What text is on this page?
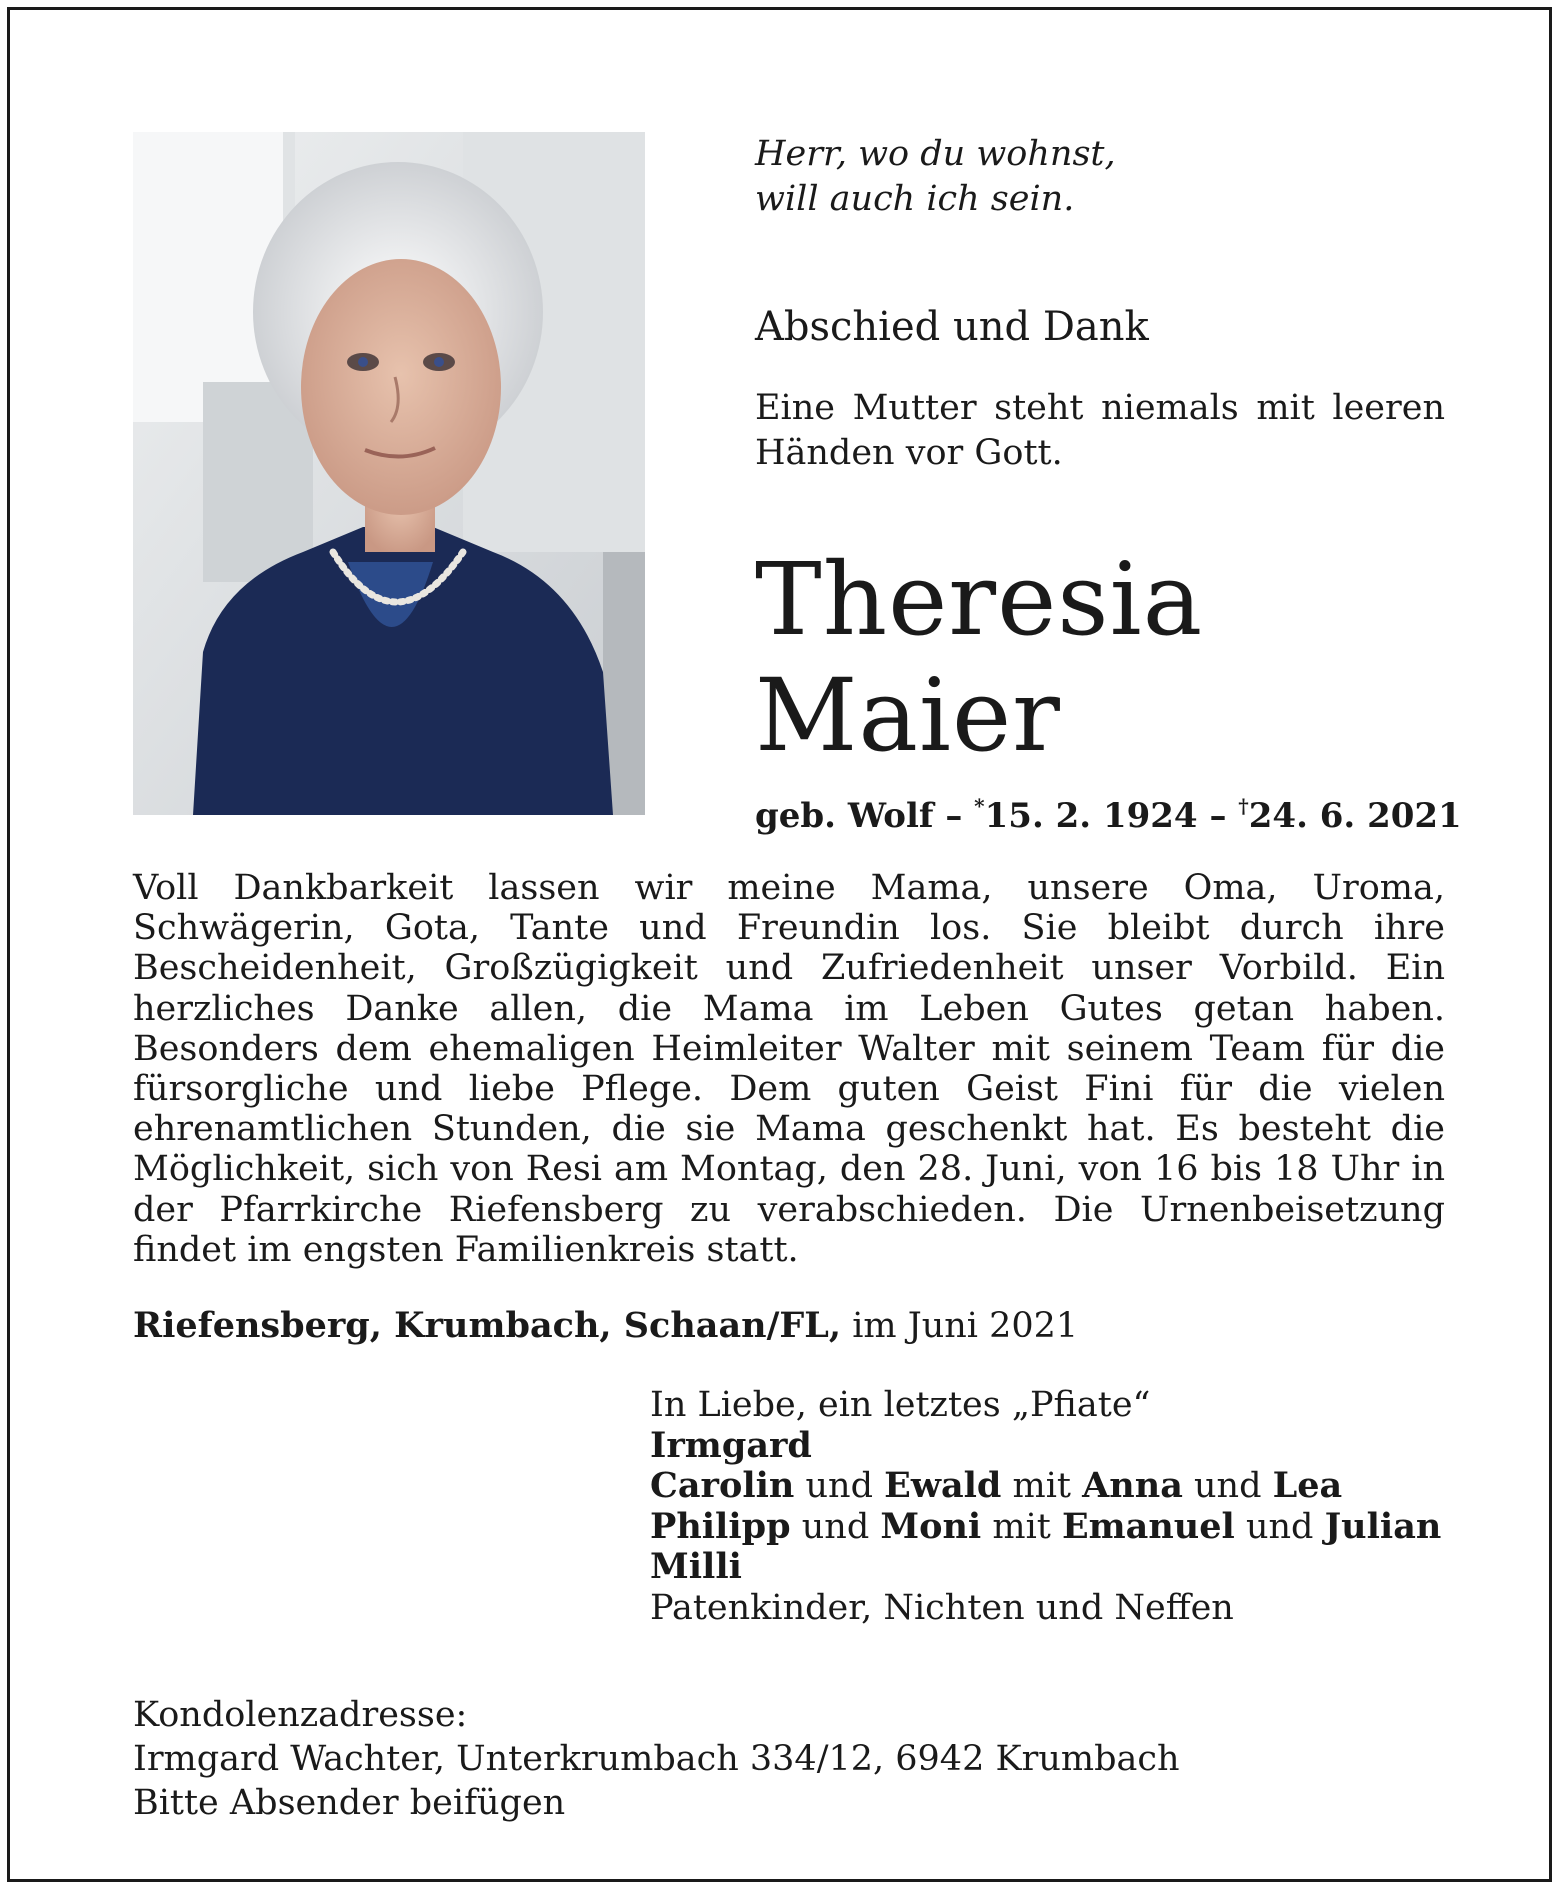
Herr, wo du wohnst,
will auch ich sein.
Abschied und Dank
Eine Mutter steht niemals mit leeren Händen vor Gott.
Theresia
Maier
geb. Wolf – *15. 2. 1924 – †24. 6. 2021
Voll Dankbarkeit lassen wir meine Mama, unsere Oma, Uroma, Schwägerin, Gota, Tante und Freundin los. Sie bleibt durch ihre Bescheidenheit, Großzügigkeit und Zufriedenheit unser Vorbild. Ein herzliches Danke allen, die Mama im Leben Gutes getan haben. Besonders dem ehemaligen Heimleiter Walter mit seinem Team für die fürsorgliche und liebe Pflege. Dem guten Geist Fini für die vielen ehrenamtlichen Stunden, die sie Mama geschenkt hat. Es besteht die Möglichkeit, sich von Resi am Montag, den 28. Juni, von 16 bis 18 Uhr in der Pfarrkirche Riefensberg zu verabschieden. Die Urnenbeisetzung findet im engsten Familienkreis statt.
Riefensberg, Krumbach, Schaan/FL, im Juni 2021
In Liebe, ein letztes „Pfiate“
Irmgard
Carolin und Ewald mit Anna und Lea
Philipp und Moni mit Emanuel und Julian
Milli
Patenkinder, Nichten und Neffen
Kondolenzadresse:
Irmgard Wachter, Unterkrumbach 334/12, 6942 Krumbach
Bitte Absender beifügen
